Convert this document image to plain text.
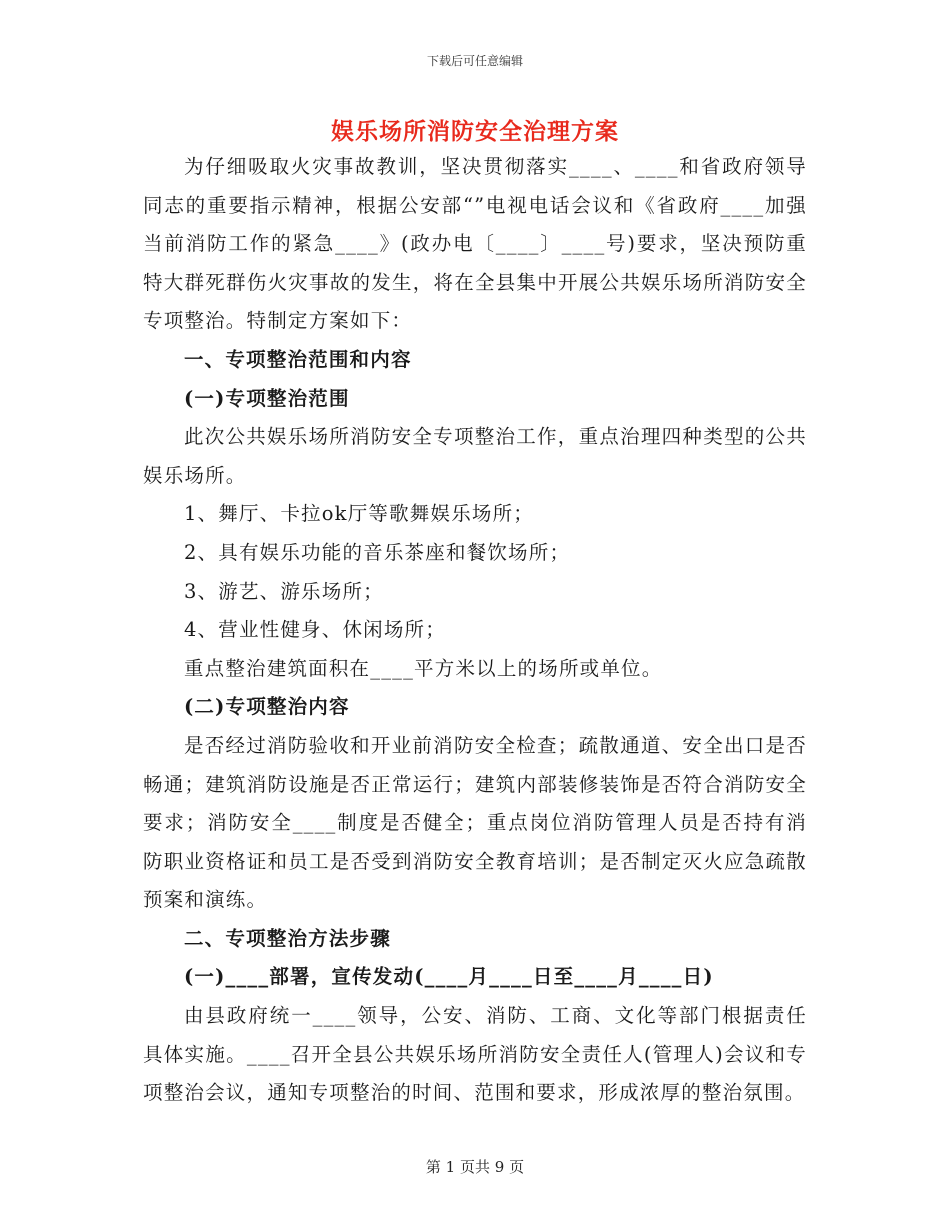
下载后可任意编辑
娱乐场所消防安全治理方案

为仔细吸取火灾事故教训，坚决贯彻落实____、____和省政府领导同志的重要指示精神，根据公安部“”电视电话会议和《省政府____加强当前消防工作的紧急____》(政办电〔____〕____号)要求，坚决预防重特大群死群伤火灾事故的发生，将在全县集中开展公共娱乐场所消防安全专项整治。特制定方案如下：

一、专项整治范围和内容

(一)专项整治范围

此次公共娱乐场所消防安全专项整治工作，重点治理四种类型的公共娱乐场所。

1、舞厅、卡拉ok厅等歌舞娱乐场所；

2、具有娱乐功能的音乐茶座和餐饮场所；

3、游艺、游乐场所；

4、营业性健身、休闲场所；

重点整治建筑面积在____平方米以上的场所或单位。

(二)专项整治内容

是否经过消防验收和开业前消防安全检查；疏散通道、安全出口是否畅通；建筑消防设施是否正常运行；建筑内部装修装饰是否符合消防安全要求；消防安全____制度是否健全；重点岗位消防管理人员是否持有消防职业资格证和员工是否受到消防安全教育培训；是否制定灭火应急疏散预案和演练。

二、专项整治方法步骤

(一)____部署，宣传发动(____月____日至____月____日)

由县政府统一____领导，公安、消防、工商、文化等部门根据责任具体实施。____召开全县公共娱乐场所消防安全责任人(管理人)会议和专项整治会议，通知专项整治的时间、范围和要求，形成浓厚的整治氛围。

第 1 页共 9 页
